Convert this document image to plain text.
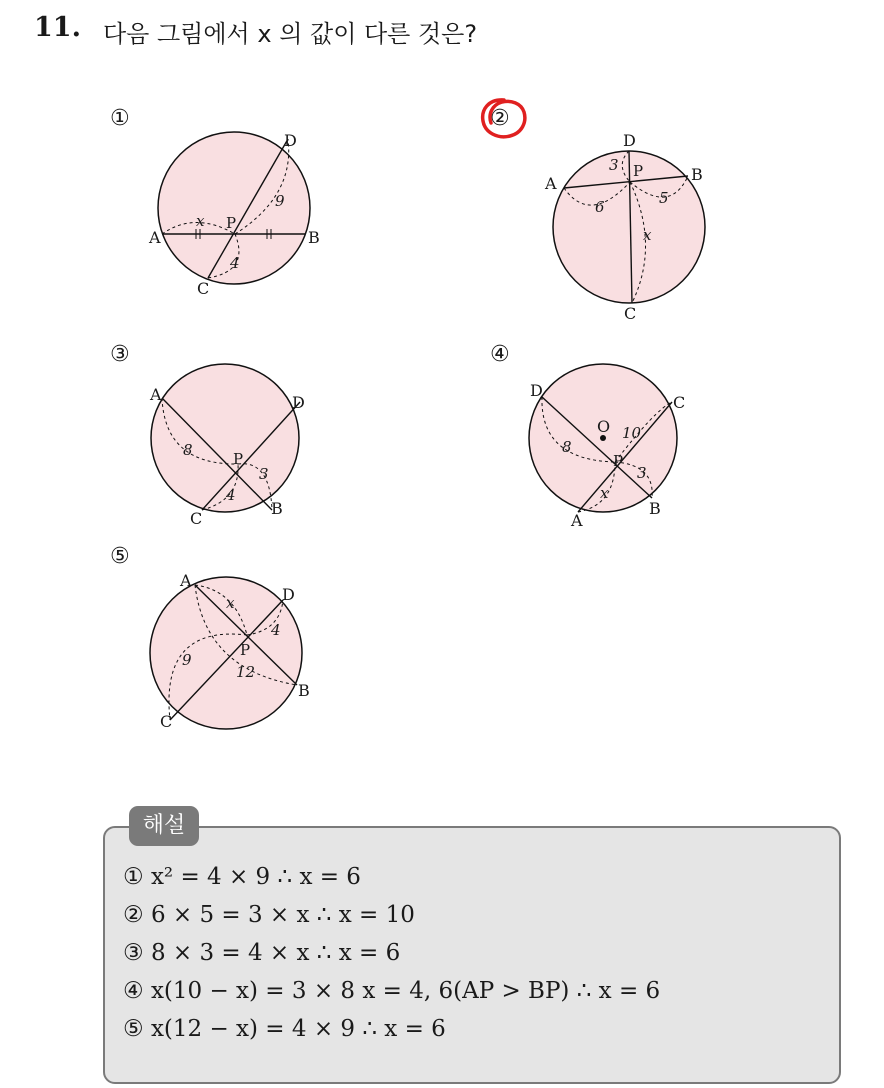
11. 다음 그림에서 x 의 값이 다른 것은?
①
A	B
C
D
P
x
9
4
②
A	B
C
D
P
3
6	5
x
③
A
B
C
D
P
8
3
4
④
D
B
A
C
P
O 10
8
3
x
⑤
A
B
C
D
P
x
4
9
12
해설
① x² = 4 × 9 ∴ x = 6
② 6 × 5 = 3 × x ∴ x = 10
③ 8 × 3 = 4 × x ∴ x = 6
④ x(10 − x) = 3 × 8 x = 4, 6(AP > BP) ∴ x = 6
⑤ x(12 − x) = 4 × 9 ∴ x = 6
